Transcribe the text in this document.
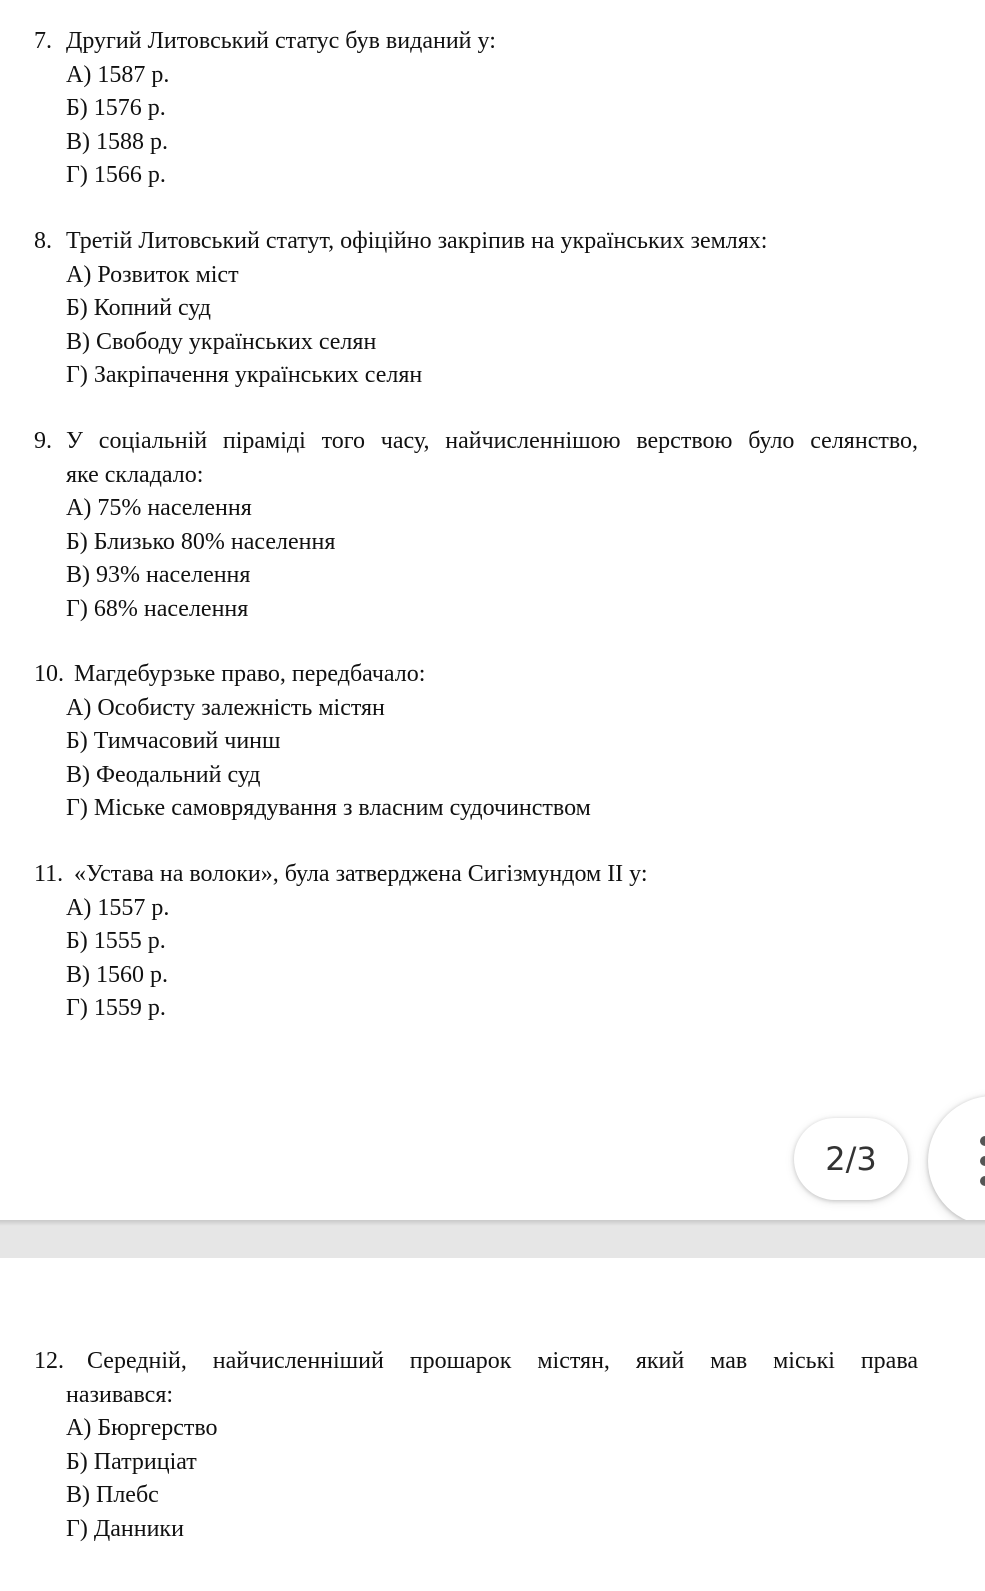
7. Другий Литовський статус був виданий у:
А) 1587 р.
Б) 1576 р.
В) 1588 р.
Г) 1566 р.
8. Третій Литовський статут, офіційно закріпив на українських землях:
А) Розвиток міст
Б) Копний суд
В) Свободу українських селян
Г) Закріпачення українських селян
9. У соціальній піраміді того часу, найчисленнішою верствою було селянство,
яке складало:
А) 75% населення
Б) Близько 80% населення
В) 93% населення
Г) 68% населення
10. Магдебурзьке право, передбачало:
А) Особисту залежність містян
Б) Тимчасовий чинш
В) Феодальний суд
Г) Міське самоврядування з власним судочинством
11. «Устава на волоки», була затверджена Сигізмундом II у:
А) 1557 р.
Б) 1555 р.
В) 1560 р.
Г) 1559 р.
2/3
12. Середній, найчисленніший прошарок містян, який мав міські права
називався:
А) Бюргерство
Б) Патриціат
В) Плебс
Г) Данники
